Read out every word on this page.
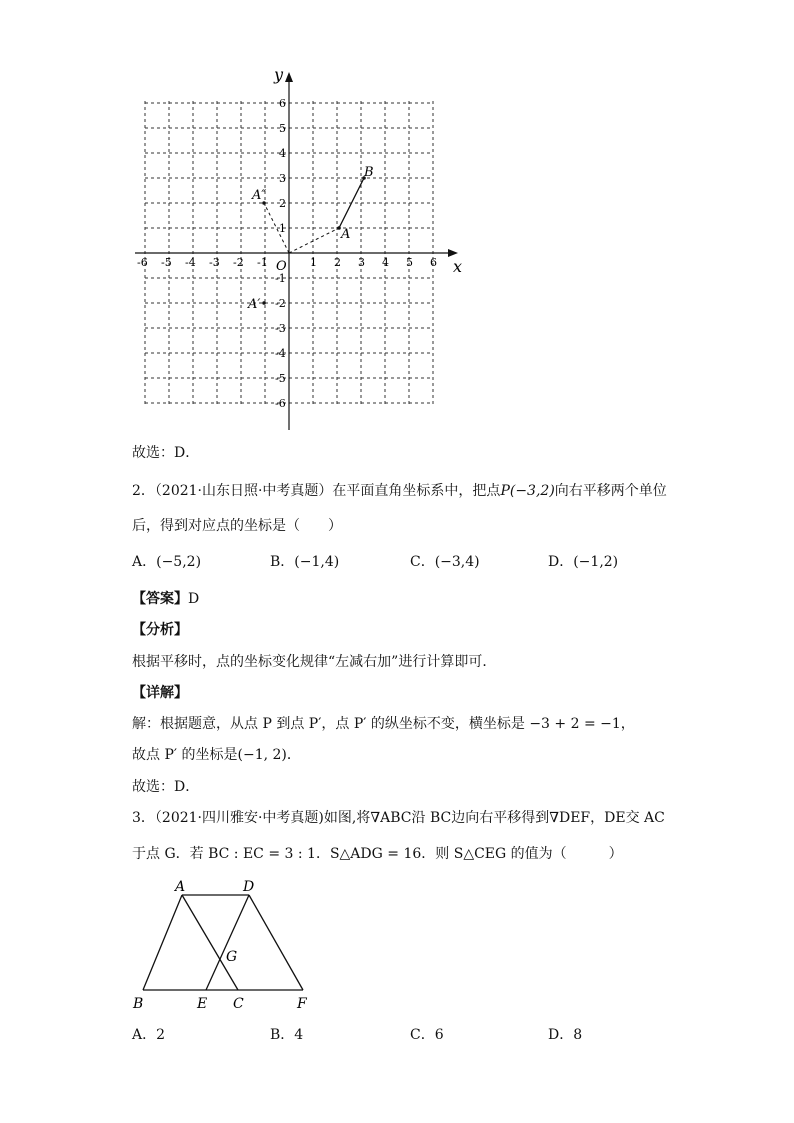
x
y
O
-6 -5 -4 -3 -2 -1	1 2 3 4 5 6
1
2
3
4
5
6
-1
-2
-3
-4
-5
-6
A
B
A″
A′
故选：D．
2．（2021·山东日照·中考真题）在平面直角坐标系中，把点P(−3,2)向右平移两个单位
后，得到对应点的坐标是（　　）
A．(−5,2)	B．(−1,4)	C．(−3,4)	D．(−1,2)
【答案】D
【分析】
根据平移时，点的坐标变化规律“左减右加”进行计算即可．
【详解】
解：根据题意，从点 P 到点 P′，点 P′ 的纵坐标不变，横坐标是 −3 + 2 = −1，
故点 P′ 的坐标是(−1, 2)．
故选：D．
3．（2021·四川雅安·中考真题)如图,将∇ABC沿 BC边向右平移得到∇DEF，DE交 AC
于点 G．若 BC : EC = 3 : 1．S△ADG = 16．则 S△CEG 的值为（　　　）
A	D
G
B	E C	F
A．2	B．4	C．6	D．8
